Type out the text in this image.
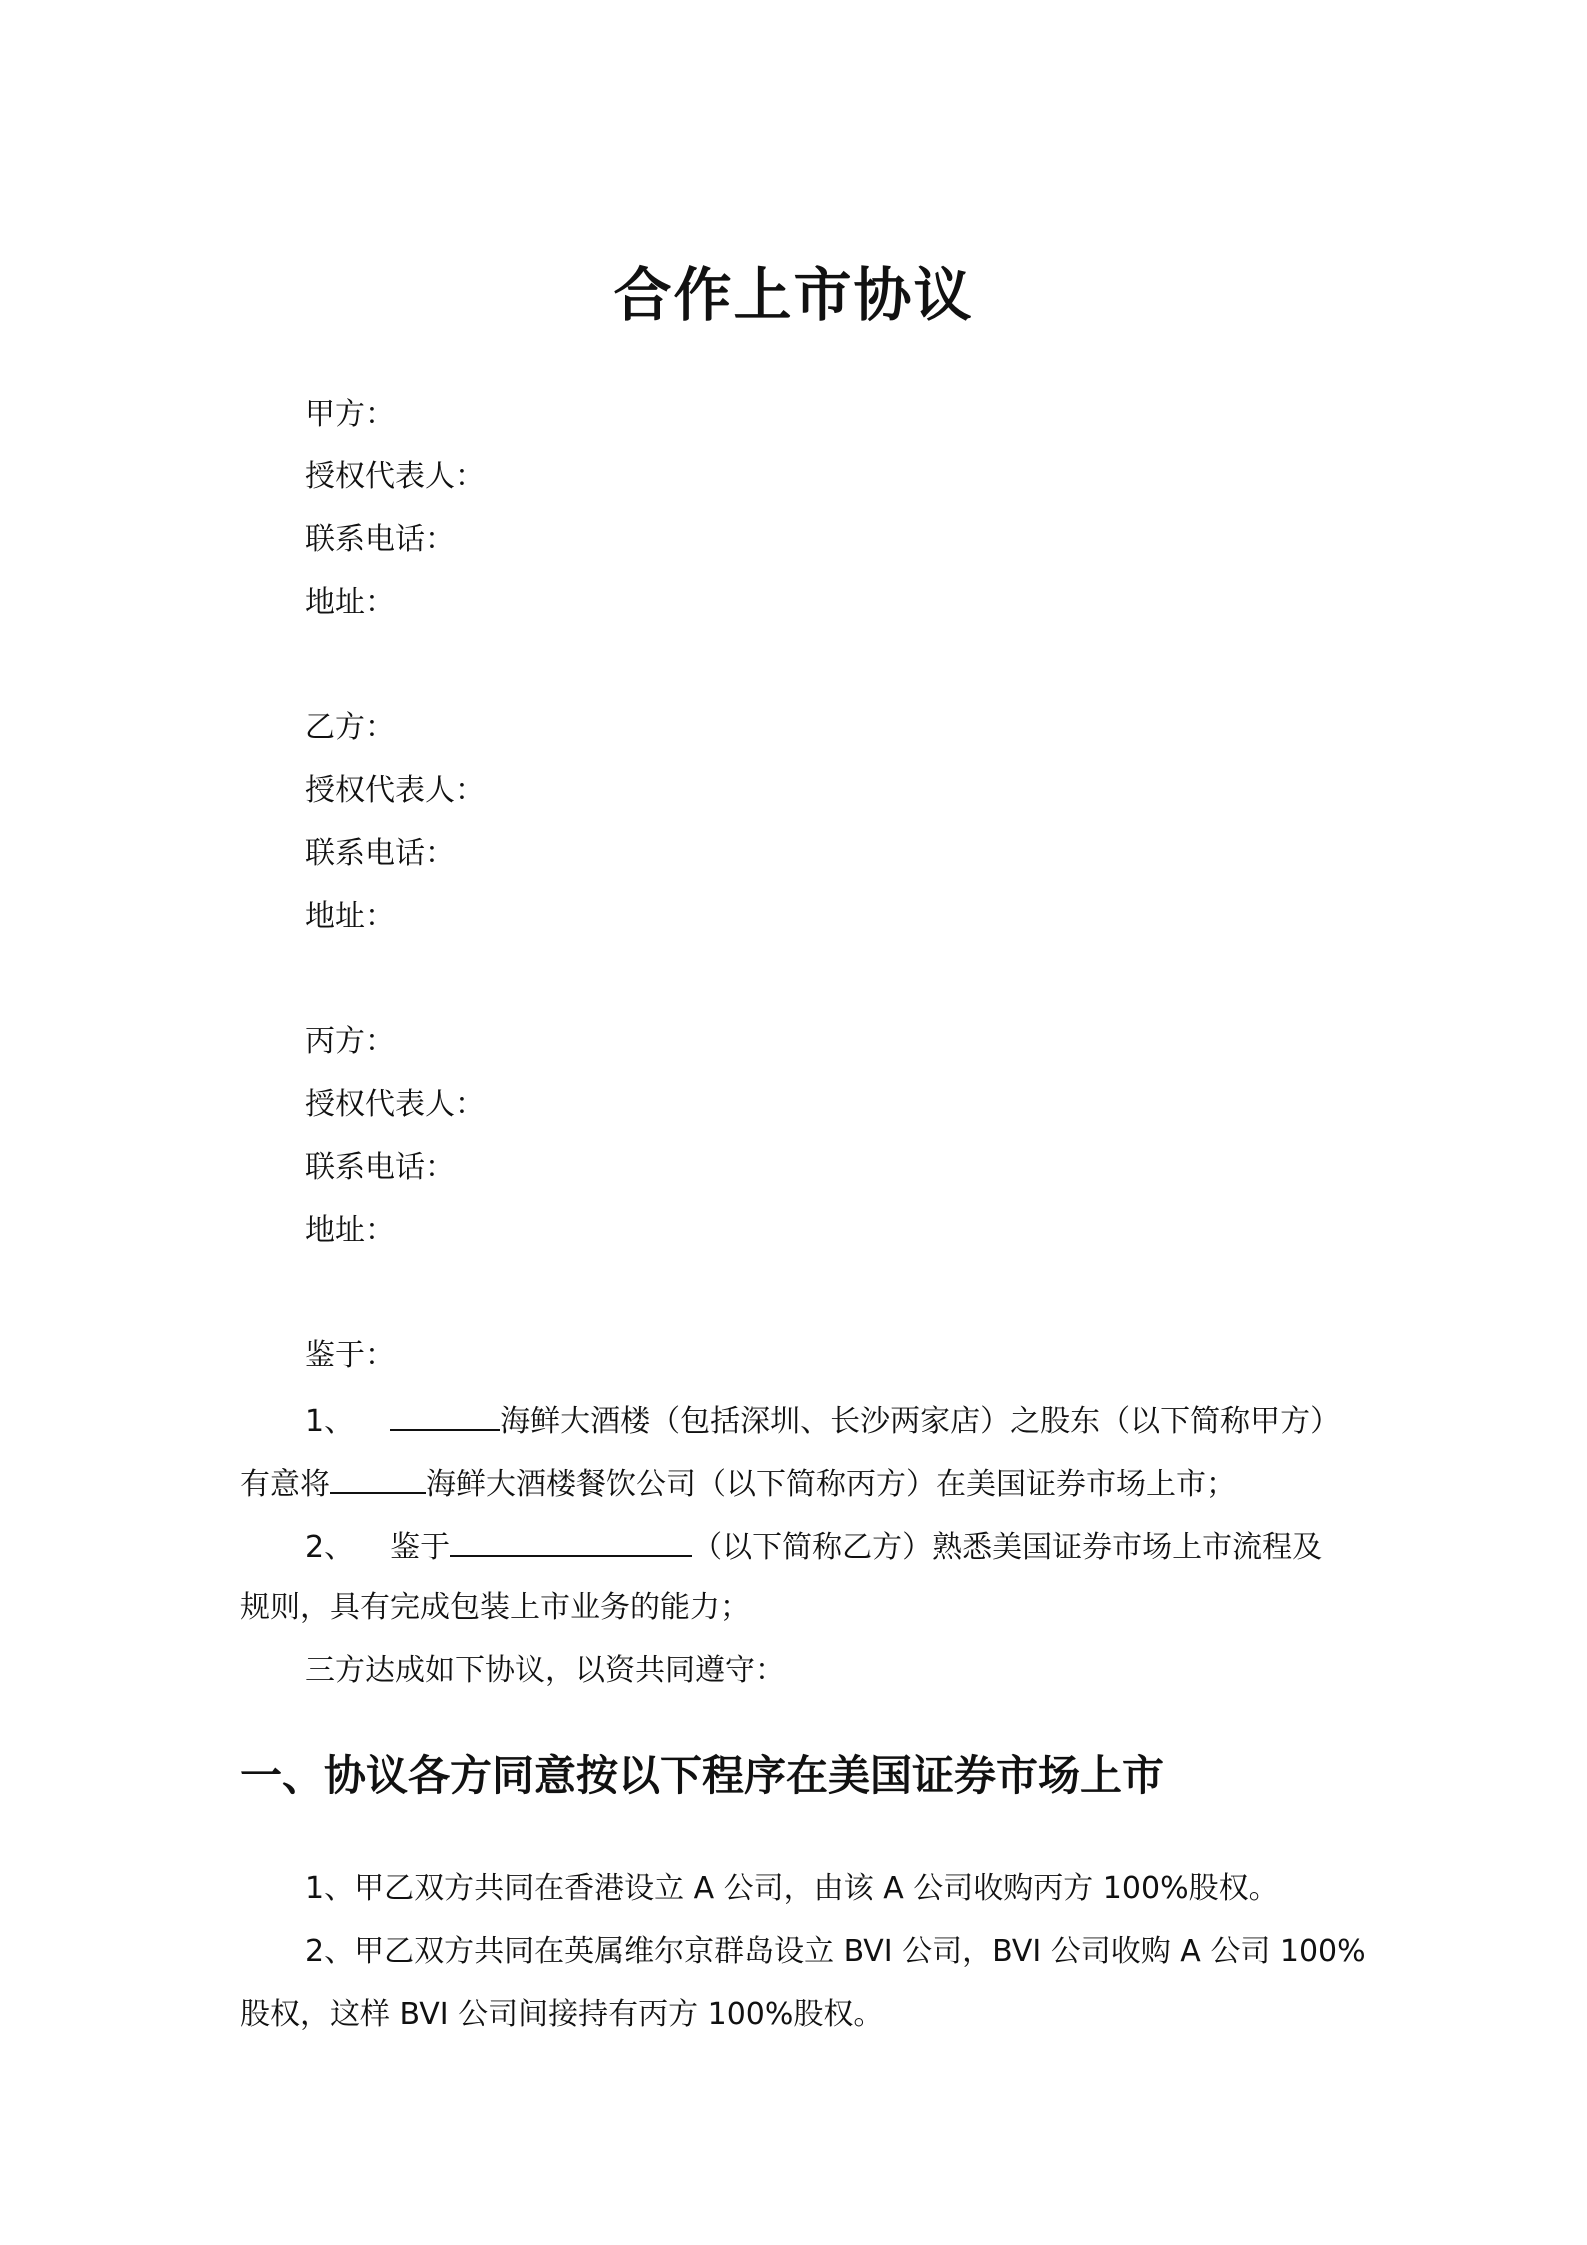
合作上市协议
甲方：
授权代表人：
联系电话：
地址：
乙方：
授权代表人：
联系电话：
地址：
丙方：
授权代表人：
联系电话：
地址：
鉴于：
1、	海鲜大酒楼（包括深圳、长沙两家店）之股东（以下简称甲方）
有意将	海鲜大酒楼餐饮公司（以下简称丙方）在美国证券市场上市；
2、 鉴于	（以下简称乙方）熟悉美国证券市场上市流程及
规则，具有完成包装上市业务的能力；
三方达成如下协议，以资共同遵守：
一、协议各方同意按以下程序在美国证券市场上市
1、甲乙双方共同在香港设立 A 公司，由该 A 公司收购丙方 100%股权。
2、甲乙双方共同在英属维尔京群岛设立 BVI 公司，BVI 公司收购 A 公司 100%
股权，这样 BVI 公司间接持有丙方 100%股权。
